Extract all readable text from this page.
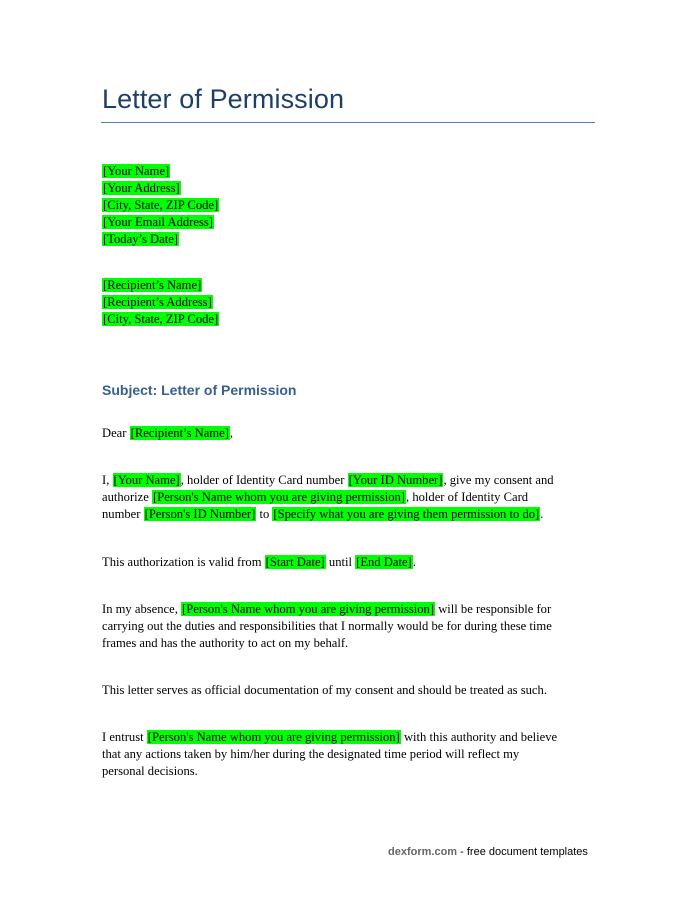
Letter of Permission
[Your Name]
[Your Address]
[City, State, ZIP Code]
[Your Email Address]
[Today’s Date]
[Recipient’s Name]
[Recipient’s Address]
[City, State, ZIP Code]
Subject: Letter of Permission
Dear [Recipient’s Name],
I, [Your Name], holder of Identity Card number [Your ID Number], give my consent and
authorize [Person's Name whom you are giving permission], holder of Identity Card
number [Person's ID Number] to [Specify what you are giving them permission to do].
This authorization is valid from [Start Date] until [End Date].
In my absence, [Person's Name whom you are giving permission] will be responsible for
carrying out the duties and responsibilities that I normally would be for during these time
frames and has the authority to act on my behalf.
This letter serves as official documentation of my consent and should be treated as such.
I entrust [Person's Name whom you are giving permission] with this authority and believe
that any actions taken by him/her during the designated time period will reflect my
personal decisions.
dexform.com - free document templates
